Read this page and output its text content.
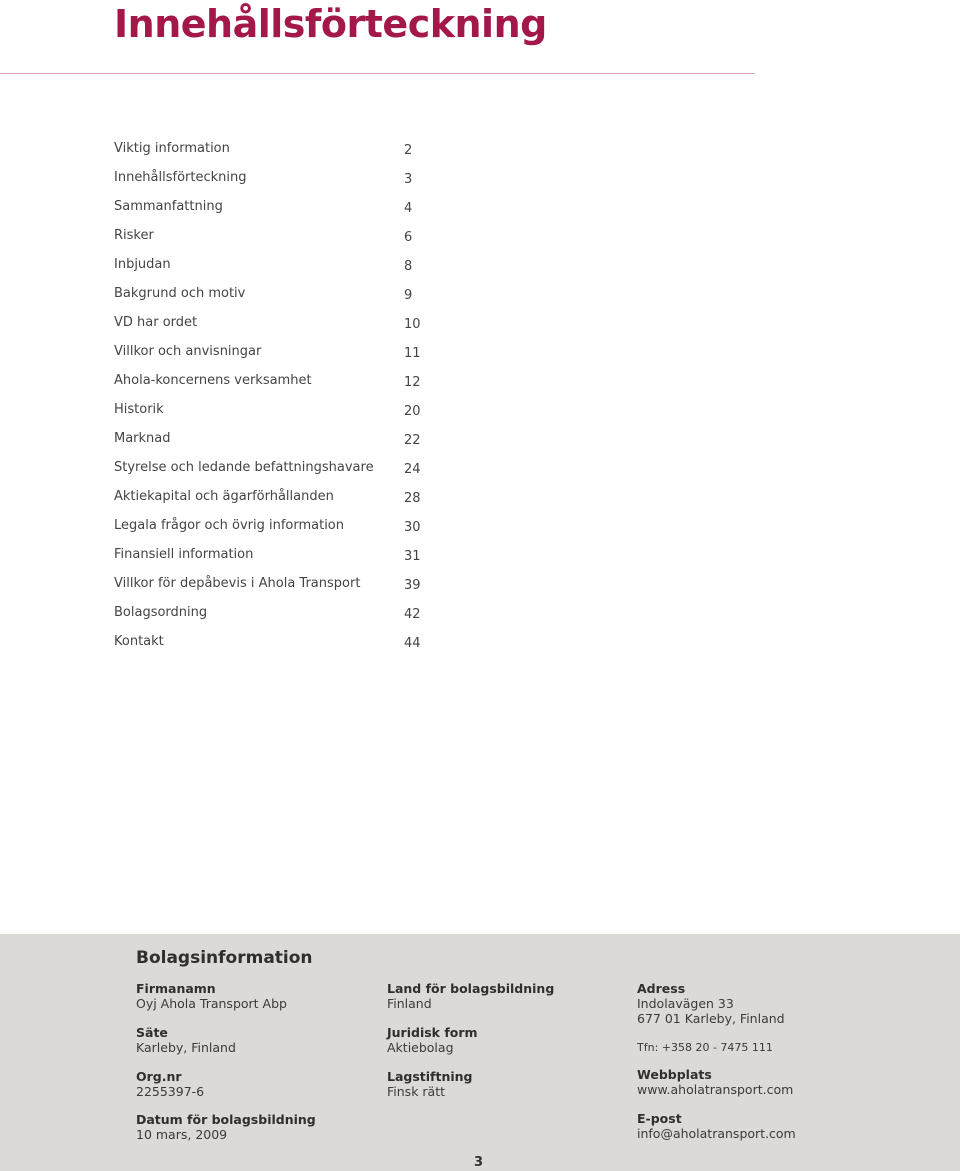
Innehållsförteckning
Viktig information	2
Innehållsförteckning	3
Sammanfattning	4
Risker	6
Inbjudan	8
Bakgrund och motiv	9
VD har ordet	10
Villkor och anvisningar	11
Ahola-koncernens verksamhet	12
Historik	20
Marknad	22
Styrelse och ledande befattningshavare 24
Aktiekapital och ägarförhållanden	28
Legala frågor och övrig information	30
Finansiell information	31
Villkor för depåbevis i Ahola Transport	39
Bolagsordning	42
Kontakt	44
Bolagsinformation
Firmanamn
Oyj Ahola Transport Abp
Säte
Karleby, Finland
Org.nr
2255397-6
Datum för bolagsbildning
10 mars, 2009
Land för bolagsbildning
Finland
Juridisk form
Aktiebolag
Lagstiftning
Finsk rätt
Adress
Indolavägen 33
677 01 Karleby, Finland
Tfn: +358 20 - 7475 111
Webbplats
www.aholatransport.com
E-post
info@aholatransport.com
3
